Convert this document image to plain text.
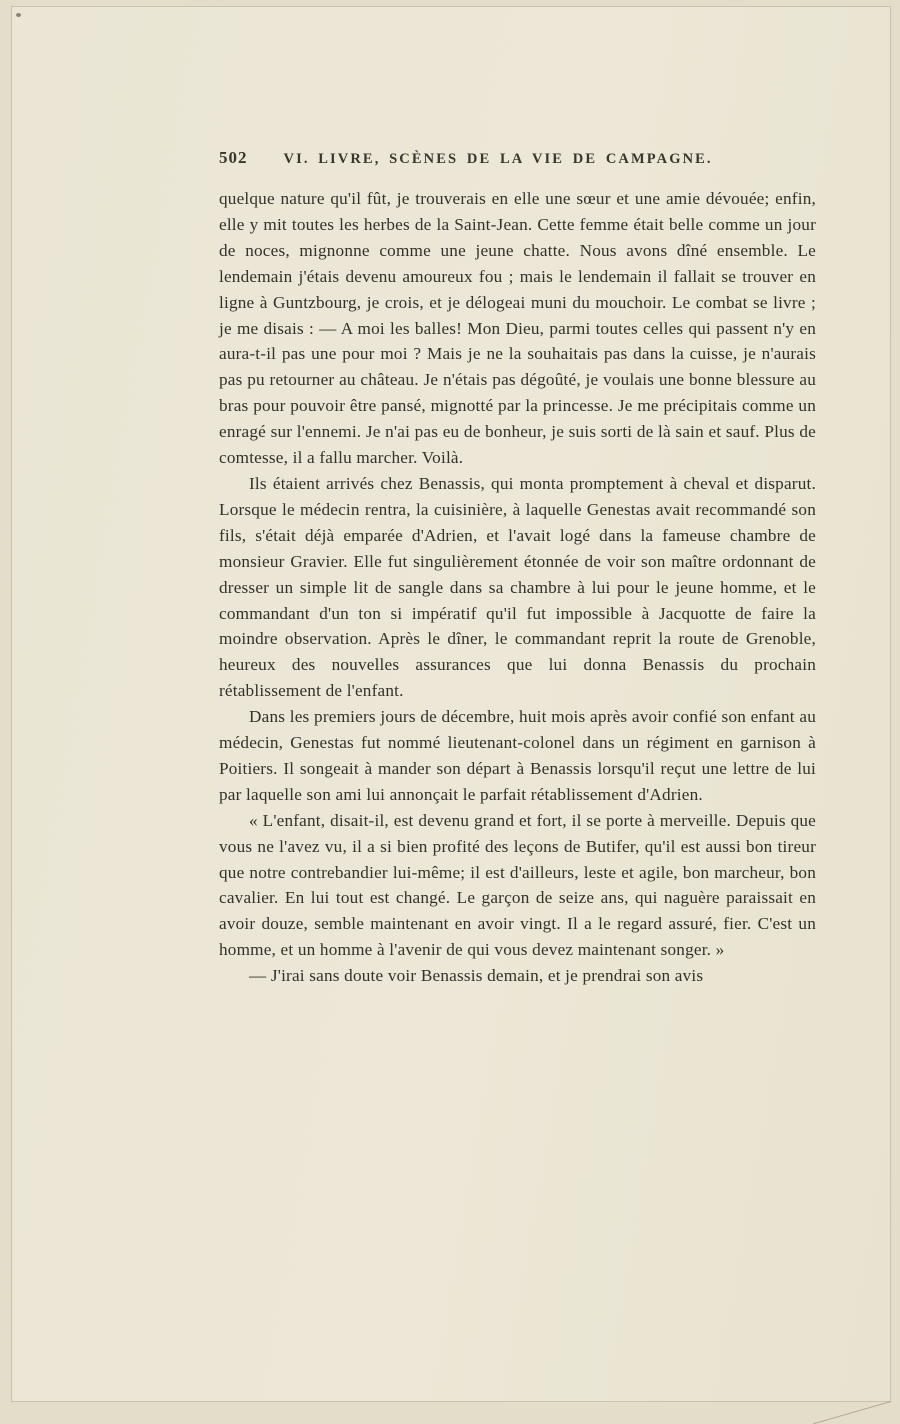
502 VI. LIVRE, SCÈNES DE LA VIE DE CAMPAGNE.

quelque nature qu'il fût, je trouverais en elle une sœur et une amie dévouée; enfin, elle y mit toutes les herbes de la Saint-Jean. Cette femme était belle comme un jour de noces, mignonne comme une jeune chatte. Nous avons dîné ensemble. Le lendemain j'étais devenu amoureux fou ; mais le lendemain il fallait se trouver en ligne à Guntzbourg, je crois, et je délogeai muni du mouchoir. Le combat se livre ; je me disais : — A moi les balles! Mon Dieu, parmi toutes celles qui passent n'y en aura-t-il pas une pour moi ? Mais je ne la souhaitais pas dans la cuisse, je n'aurais pas pu retourner au château. Je n'étais pas dégoûté, je voulais une bonne blessure au bras pour pouvoir être pansé, mignotté par la princesse. Je me précipitais comme un enragé sur l'ennemi. Je n'ai pas eu de bonheur, je suis sorti de là sain et sauf. Plus de comtesse, il a fallu marcher. Voilà.

Ils étaient arrivés chez Benassis, qui monta promptement à cheval et disparut. Lorsque le médecin rentra, la cuisinière, à laquelle Genestas avait recommandé son fils, s'était déjà emparée d'Adrien, et l'avait logé dans la fameuse chambre de monsieur Gravier. Elle fut singulièrement étonnée de voir son maître ordonnant de dresser un simple lit de sangle dans sa chambre à lui pour le jeune homme, et le commandant d'un ton si impératif qu'il fut impossible à Jacquotte de faire la moindre observation. Après le dîner, le commandant reprit la route de Grenoble, heureux des nouvelles assurances que lui donna Benassis du prochain rétablissement de l'enfant.

Dans les premiers jours de décembre, huit mois après avoir confié son enfant au médecin, Genestas fut nommé lieutenant-colonel dans un régiment en garnison à Poitiers. Il songeait à mander son départ à Benassis lorsqu'il reçut une lettre de lui par laquelle son ami lui annonçait le parfait rétablissement d'Adrien.

« L'enfant, disait-il, est devenu grand et fort, il se porte à merveille. Depuis que vous ne l'avez vu, il a si bien profité des leçons de Butifer, qu'il est aussi bon tireur que notre contrebandier lui-même; il est d'ailleurs, leste et agile, bon marcheur, bon cavalier. En lui tout est changé. Le garçon de seize ans, qui naguère paraissait en avoir douze, semble maintenant en avoir vingt. Il a le regard assuré, fier. C'est un homme, et un homme à l'avenir de qui vous devez maintenant songer. »

— J'irai sans doute voir Benassis demain, et je prendrai son avis
